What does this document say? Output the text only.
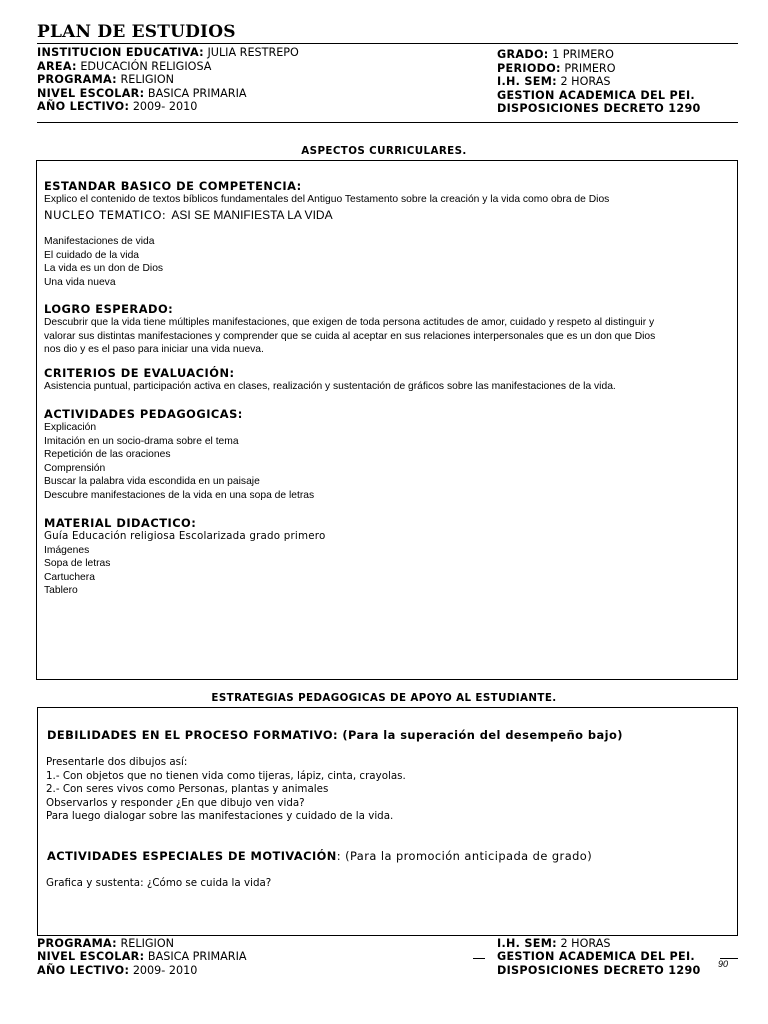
PLAN DE ESTUDIOS
INSTITUCION EDUCATIVA: JULIA RESTREPO
AREA: EDUCACIÓN RELIGIOSA
PROGRAMA: RELIGION
NIVEL ESCOLAR: BASICA PRIMARIA
AÑO LECTIVO: 2009- 2010
GRADO: 1 PRIMERO
PERIODO: PRIMERO
I.H. SEM: 2 HORAS
GESTION ACADEMICA DEL PEI.
DISPOSICIONES DECRETO 1290
ASPECTOS CURRICULARES.
ESTANDAR BASICO DE COMPETENCIA:
Explico el contenido de textos bíblicos fundamentales del Antiguo Testamento sobre la creación y la vida como obra de Dios
NUCLEO TEMATICO: ASI SE MANIFIESTA LA VIDA
Manifestaciones de vida
El cuidado de la vida
La vida es un don de Dios
Una vida nueva
LOGRO ESPERADO:
Descubrir que la vida tiene múltiples manifestaciones, que exigen de toda persona actitudes de amor, cuidado y respeto al distinguir y
valorar sus distintas manifestaciones y comprender que se cuida al aceptar en sus relaciones interpersonales que es un don que Dios
nos dio y es el paso para iniciar una vida nueva.
CRITERIOS DE EVALUACIÓN:
Asistencia puntual, participación activa en clases, realización y sustentación de gráficos sobre las manifestaciones de la vida.
ACTIVIDADES PEDAGOGICAS:
Explicación
Imitación en un socio-drama sobre el tema
Repetición de las oraciones
Comprensión
Buscar la palabra vida escondida en un paisaje
Descubre manifestaciones de la vida en una sopa de letras
MATERIAL DIDACTICO:
Guía Educación religiosa Escolarizada grado primero
Imágenes
Sopa de letras
Cartuchera
Tablero
ESTRATEGIAS PEDAGOGICAS DE APOYO AL ESTUDIANTE.
DEBILIDADES EN EL PROCESO FORMATIVO: (Para la superación del desempeño bajo)
Presentarle dos dibujos así:
1.- Con objetos que no tienen vida como tijeras, lápiz, cinta, crayolas.
2.- Con seres vivos como Personas, plantas y animales
Observarlos y responder ¿En que dibujo ven vida?
Para luego dialogar sobre las manifestaciones y cuidado de la vida.
ACTIVIDADES ESPECIALES DE MOTIVACIÓN: (Para la promoción anticipada de grado)
Grafica y sustenta: ¿Cómo se cuida la vida?
PROGRAMA: RELIGION
NIVEL ESCOLAR: BASICA PRIMARIA
AÑO LECTIVO: 2009- 2010
I.H. SEM: 2 HORAS
GESTION ACADEMICA DEL PEI.
DISPOSICIONES DECRETO 1290 90
